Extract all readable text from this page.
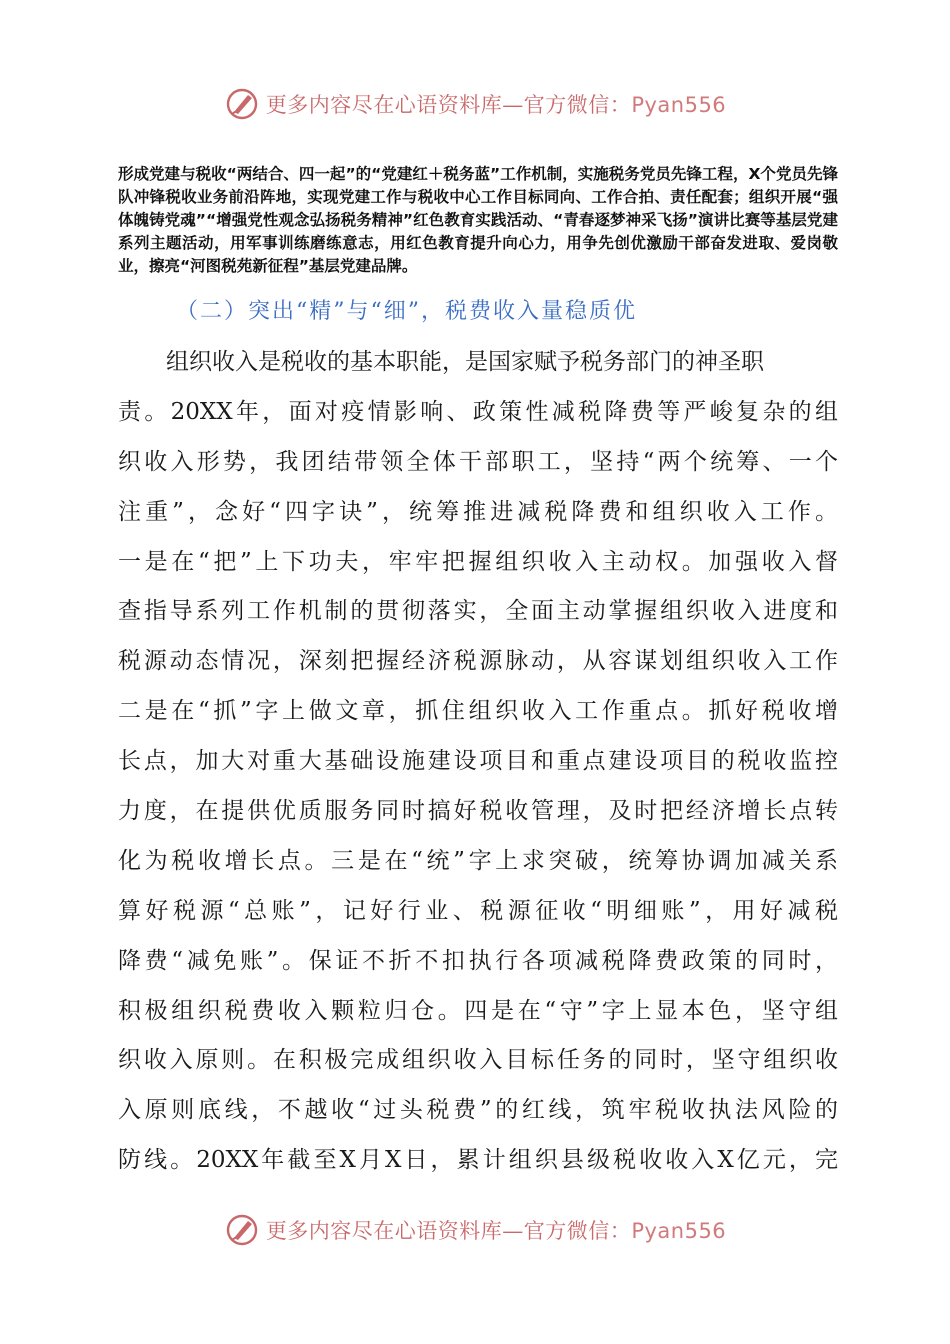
更多内容尽在心语资料库—官方微信：Pyan556

形成党建与税收“两结合、四一起”的“党建红＋税务蓝”工作机制，实施税务党员先锋工程，X个党员先锋队冲锋税收业务前沿阵地，实现党建工作与税收中心工作目标同向、工作合拍、责任配套；组织开展“强体魄铸党魂”“增强党性观念弘扬税务精神”红色教育实践活动、“青春逐梦神采飞扬”演讲比赛等基层党建系列主题活动，用军事训练磨练意志，用红色教育提升向心力，用争先创优激励干部奋发进取、爱岗敬业，擦亮“河图税苑新征程”基层党建品牌。

（二）突出“精”与“细”，税费收入量稳质优
组织收入是税收的基本职能，是国家赋予税务部门的神圣职
责。20XX年，面对疫情影响、政策性减税降费等严峻复杂的组
织收入形势，我团结带领全体干部职工，坚持“两个统筹、一个
注重”，念好“四字诀”，统筹推进减税降费和组织收入工作。
一是在“把”上下功夫，牢牢把握组织收入主动权。加强收入督
查指导系列工作机制的贯彻落实，全面主动掌握组织收入进度和
税源动态情况，深刻把握经济税源脉动，从容谋划组织收入工作
二是在“抓”字上做文章，抓住组织收入工作重点。抓好税收增
长点，加大对重大基础设施建设项目和重点建设项目的税收监控
力度，在提供优质服务同时搞好税收管理，及时把经济增长点转
化为税收增长点。三是在“统”字上求突破，统筹协调加减关系
算好税源“总账”，记好行业、税源征收“明细账”，用好减税
降费“减免账”。保证不折不扣执行各项减税降费政策的同时，
积极组织税费收入颗粒归仓。四是在“守”字上显本色，坚守组
织收入原则。在积极完成组织收入目标任务的同时，坚守组织收
入原则底线，不越收“过头税费”的红线，筑牢税收执法风险的
防线。20XX年截至X月X日，累计组织县级税收收入X亿元，完
更多内容尽在心语资料库—官方微信：Pyan556
